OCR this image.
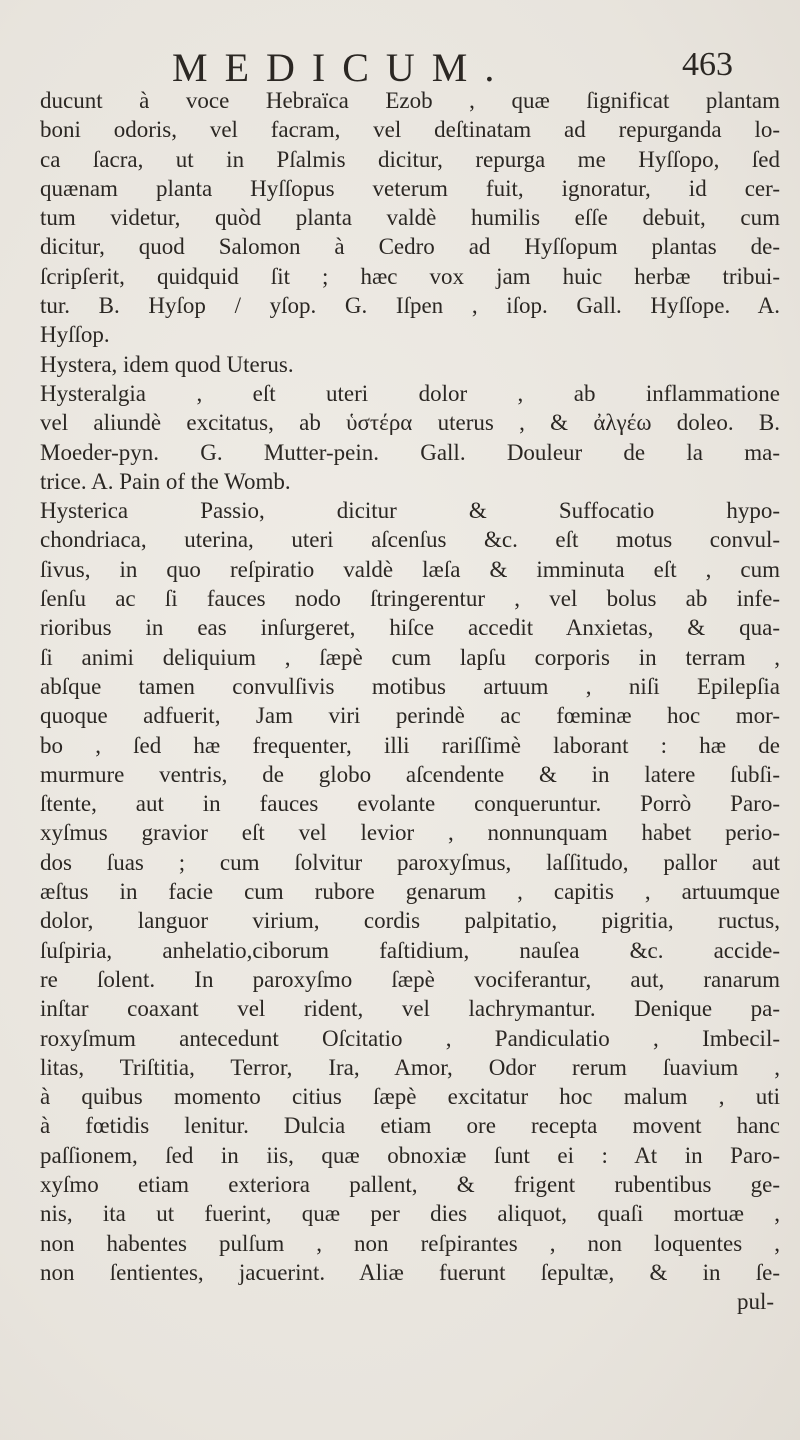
MEDICUM.	463
ducunt à voce Hebraïca Ezob , quæ ſignificat plantam
boni odoris, vel facram, vel deſtinatam ad repurganda lo-
ca ſacra, ut in Pſalmis dicitur, repurga me Hyſſopo, ſed
quænam planta Hyſſopus veterum fuit, ignoratur, id cer-
tum videtur, quòd planta valdè humilis eſſe debuit, cum
dicitur, quod Salomon à Cedro ad Hyſſopum plantas de-
ſcripſerit, quidquid ſit ; hæc vox jam huic herbæ tribui-
tur. B. Hyſop / yſop. G. Iſpen , iſop. Gall. Hyſſope. A.
Hyſſop.
Hystera, idem quod Uterus.
Hysteralgia , eſt uteri dolor , ab inflammatione
vel aliundè excitatus, ab ὑστέρα uterus , & ἀλγέω doleo. B.
Moeder-pyn. G. Mutter-pein. Gall. Douleur de la ma-
trice. A. Pain of the Womb.
Hysterica Passio, dicitur & Suffocatio hypo-
chondriaca, uterina, uteri aſcenſus &c. eſt motus convul-
ſivus, in quo reſpiratio valdè læſa & imminuta eſt , cum
ſenſu ac ſi fauces nodo ſtringerentur , vel bolus ab infe-
rioribus in eas inſurgeret, hiſce accedit Anxietas, & qua-
ſi animi deliquium , ſæpè cum lapſu corporis in terram ,
abſque tamen convulſivis motibus artuum , niſi Epilepſia
quoque adfuerit, Jam viri perindè ac fœminæ hoc mor-
bo , ſed hæ frequenter, illi rariſſimè laborant : hæ de
murmure ventris, de globo aſcendente & in latere ſubſi-
ſtente, aut in fauces evolante conqueruntur. Porrò Paro-
xyſmus gravior eſt vel levior , nonnunquam habet perio-
dos ſuas ; cum ſolvitur paroxyſmus, laſſitudo, pallor aut
æſtus in facie cum rubore genarum , capitis , artuumque
dolor, languor virium, cordis palpitatio, pigritia, ructus,
ſuſpiria, anhelatio,ciborum faſtidium, nauſea &c. accide-
re ſolent. In paroxyſmo ſæpè vociferantur, aut, ranarum
inſtar coaxant vel rident, vel lachrymantur. Denique pa-
roxyſmum antecedunt Oſcitatio , Pandiculatio , Imbecil-
litas, Triſtitia, Terror, Ira, Amor, Odor rerum ſuavium ,
à quibus momento citius ſæpè excitatur hoc malum , uti
à fœtidis lenitur. Dulcia etiam ore recepta movent hanc
paſſionem, ſed in iis, quæ obnoxiæ ſunt ei : At in Paro-
xyſmo etiam exteriora pallent, & frigent rubentibus ge-
nis, ita ut fuerint, quæ per dies aliquot, quaſi mortuæ ,
non habentes pulſum , non reſpirantes , non loquentes ,
non ſentientes, jacuerint. Aliæ fuerunt ſepultæ, & in ſe-
pul-
